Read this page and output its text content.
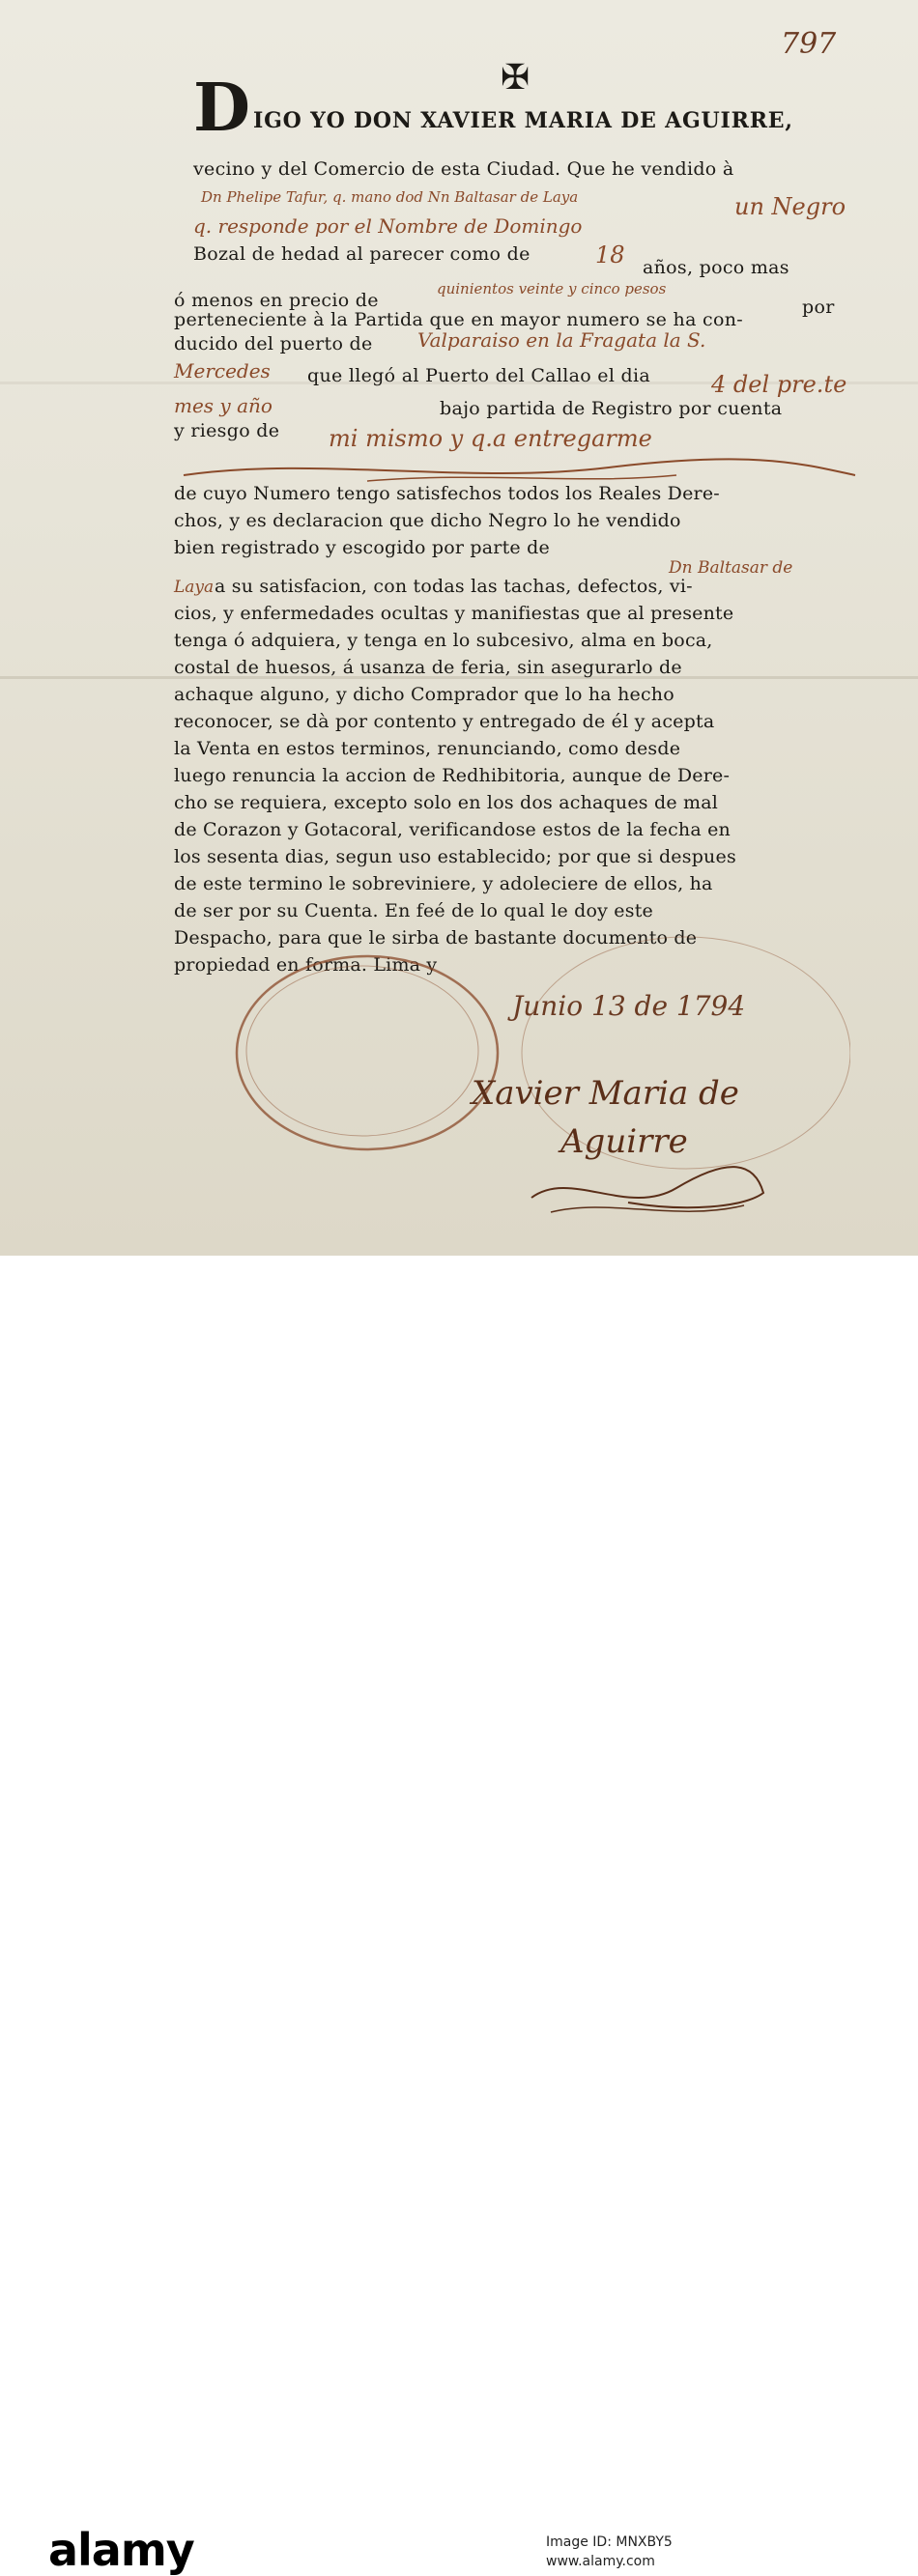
797
✠
D IGO YO DON XAVIER MARIA DE AGUIRRE,
vecino y del Comercio de esta Ciudad. Que he vendido à
Dn Phelipe Tafur, q. mano dod Nn Baltasar de Laya
q. responde por el Nombre de Domingo
un Negro
Bozal de hedad al parecer como de	18 años, poco mas
ó menos en precio de
quinientos veinte y cinco pesos
por
perteneciente à la Partida que en mayor numero se ha con-
ducido del puerto de Valparaiso en la Fragata la S.
Mercedes que llegó al Puerto del Callao el dia	4 del pre.te
mes y año	bajo partida de Registro por cuenta
y riesgo de mi mismo y q.a entregarme
de cuyo Numero tengo satisfechos todos los Reales Dere-
chos, y es declaracion que dicho Negro lo he vendido
bien registrado y escogido por parte de
Dn Baltasar de
Laya a su satisfacion, con todas las tachas, defectos, vi-
cios, y enfermedades ocultas y manifiestas que al presente
tenga ó adquiera, y tenga en lo subcesivo, alma en boca,
costal de huesos, á usanza de feria, sin asegurarlo de
achaque alguno, y dicho Comprador que lo ha hecho
reconocer, se dà por contento y entregado de él y acepta
la Venta en estos terminos, renunciando, como desde
luego renuncia la accion de Redhibitoria, aunque de Dere-
cho se requiera, excepto solo en los dos achaques de mal
de Corazon y Gotacoral, verificandose estos de la fecha en
los sesenta dias, segun uso establecido; por que si despues
de este termino le sobreviniere, y adoleciere de ellos, ha
de ser por su Cuenta. En feé de lo qual le doy este
Despacho, para que le sirba de bastante documento de
propiedad en forma. Lima y
Junio 13 de 1794
Xavier Maria de
Aguirre
alamy	Image ID: MNXBY5
www.alamy.com
